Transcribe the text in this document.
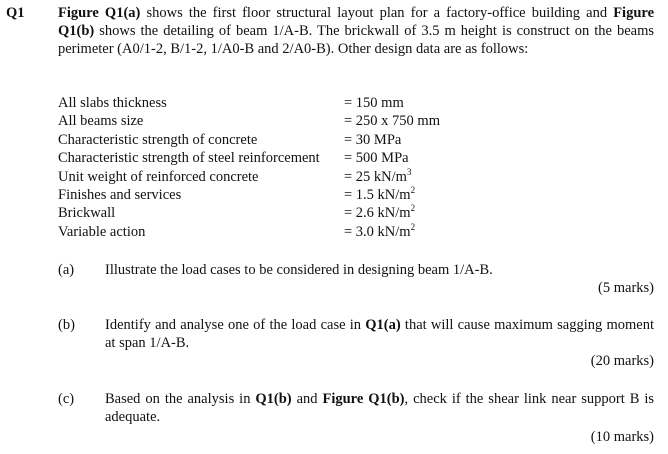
Q1 Figure Q1(a) shows the first floor structural layout plan for a factory-office building and Figure Q1(b) shows the detailing of beam 1/A-B. The brickwall of 3.5 m height is construct on the beams perimeter (A0/1-2, B/1-2, 1/A0-B and 2/A0-B). Other design data are as follows:
All slabs thickness	= 150 mm
All beams size	= 250 x 750 mm
Characteristic strength of concrete	= 30 MPa
Characteristic strength of steel reinforcement = 500 MPa
Unit weight of reinforced concrete	= 25 $kN/m^3$
Finishes and services	= 1.5 $kN/m^2$
Brickwall	= 2.6 $kN/m^2$
Variable action	= 3.0 $kN/m^2$
(a) Illustrate the load cases to be considered in designing beam 1/A-B.
(5 marks)
(b) Identify and analyse one of the load case in Q1(a) that will cause maximum sagging moment at span 1/A-B.
(20 marks)
(c) Based on the analysis in Q1(b) and Figure Q1(b), check if the shear link near support B is adequate.
(10 marks)
